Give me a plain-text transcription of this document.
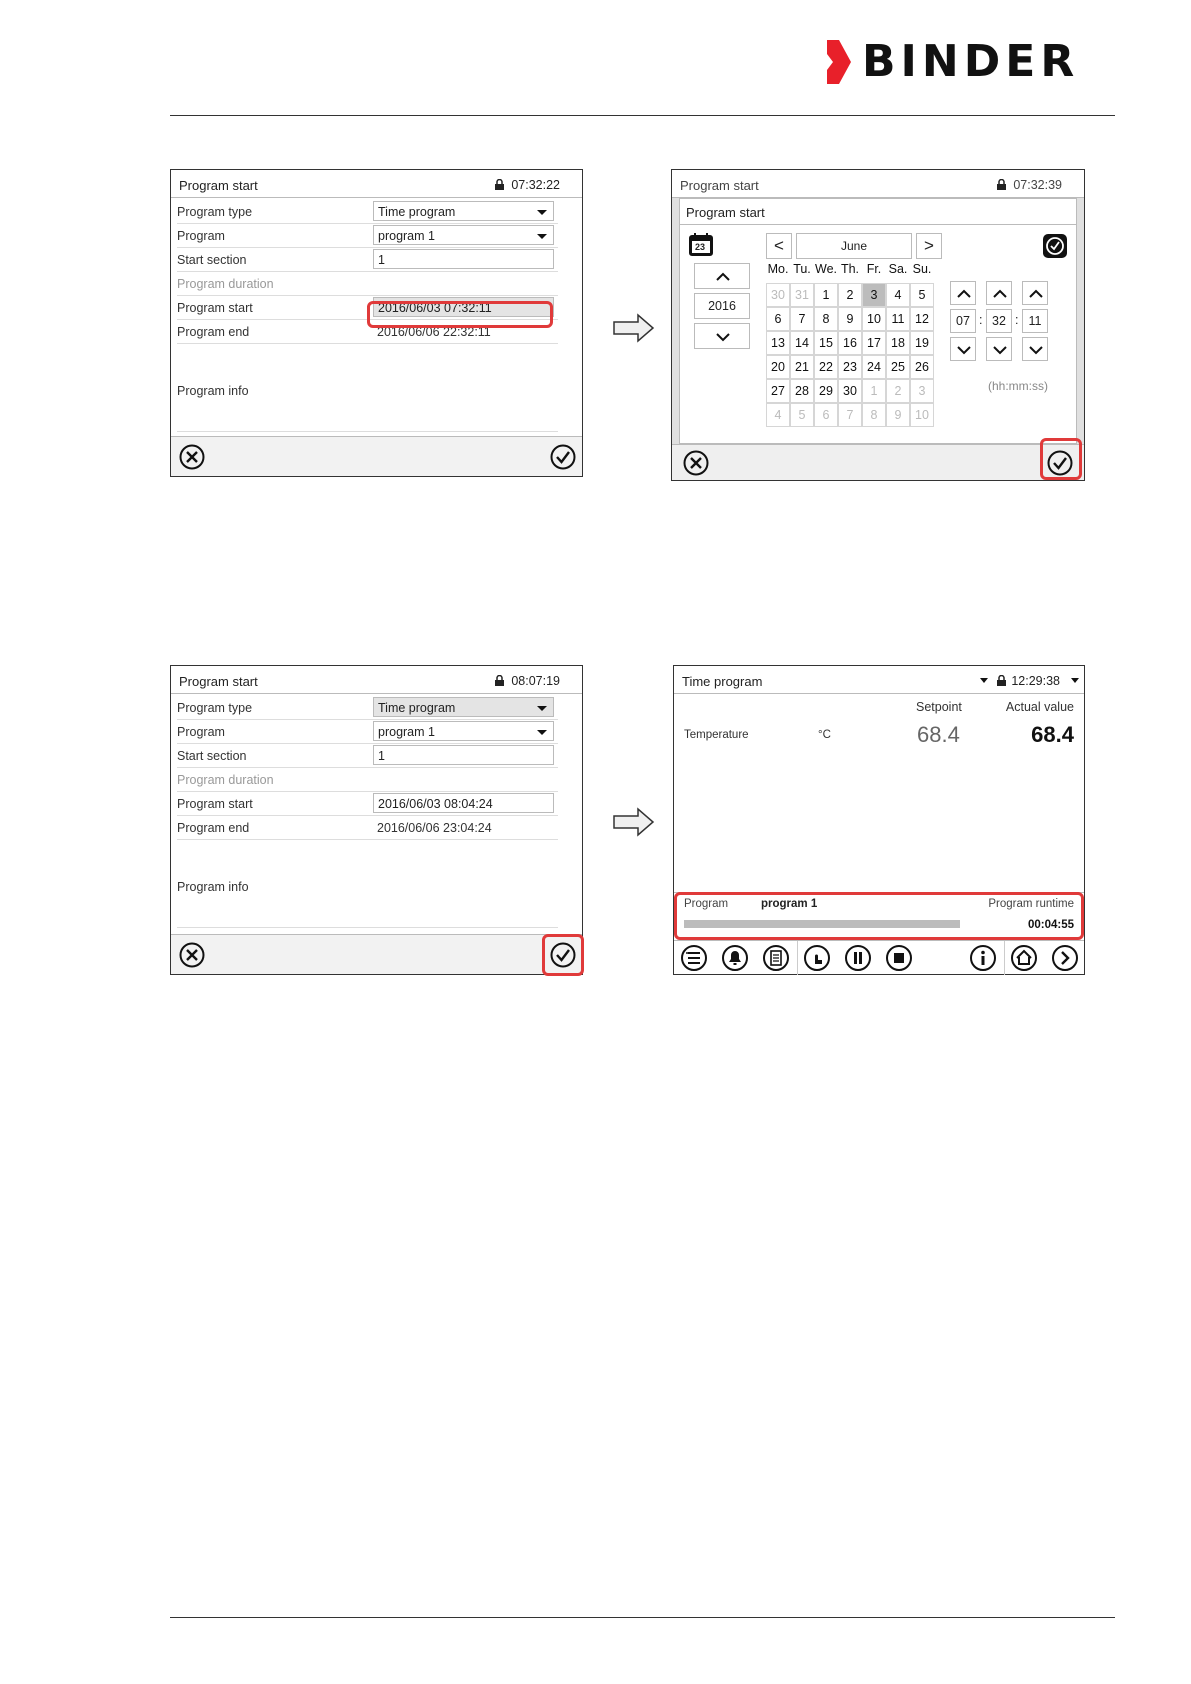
BINDER
Program start	07:32:22
Program type	Time program
Program	program 1
Start section	1
Program duration
Program start	2016/06/03 07:32:11
Program end	2016/06/06 22:32:11
Program info
Program start	07:32:39
Program start
23
2016
<	June	>
Mo. Tu. We. Th. Fr. Sa. Su.
30 31	1	2	3	4	5
6	7	8	9	10 11 12
13 14 15 16 17 18 19
20 21 22 23 24 25 26
27 28 29 30	1	2	3
4	5	6	7	8	9	10
07 : 32 : 11
(hh:mm:ss)
Program start	08:07:19
Program type	Time program
Program	program 1
Start section	1
Program duration
Program start	2016/06/03 08:04:24
Program end	2016/06/06 23:04:24
Program info
Time program	12:29:38
Setpoint	Actual value
Temperature	°C	68.4	68.4
Program	program 1	Program runtime
00:04:55
